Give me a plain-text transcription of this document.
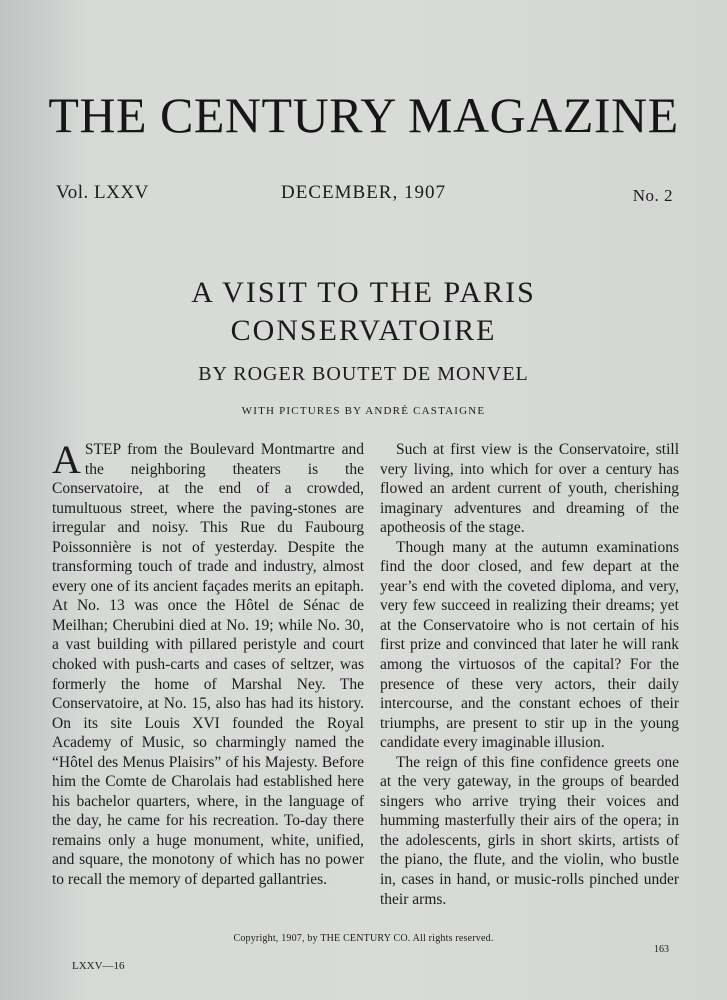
THE CENTURY MAGAZINE
Vol. LXXV	DECEMBER, 1907	No. 2
A VISIT TO THE PARIS
CONSERVATOIRE
BY ROGER BOUTET DE MONVEL
WITH PICTURES BY ANDRÉ CASTAIGNE

ASTEP from the Boulevard Montmartre and the neighboring theaters is the Conservatoire, at the end of a crowded, tumultuous street, where the paving-stones are irregular and noisy. This Rue du Faubourg Poissonnière is not of yesterday. Despite the transforming touch of trade and industry, almost every one of its ancient façades merits an epitaph. At No. 13 was once the Hôtel de Sénac de Meilhan; Cherubini died at No. 19; while No. 30, a vast building with pillared peristyle and court choked with push-carts and cases of seltzer, was formerly the home of Marshal Ney. The Conservatoire, at No. 15, also has had its history. On its site Louis XVI founded the Royal Academy of Music, so charmingly named the “Hôtel des Menus Plaisirs” of his Majesty. Before him the Comte de Charolais had established here his bachelor quarters, where, in the language of the day, he came for his recreation. To-day there remains only a huge monument, white, unified, and square, the monotony of which has no power to recall the memory of departed gallantries.

Such at first view is the Conservatoire, still very living, into which for over a century has flowed an ardent current of youth, cherishing imaginary adventures and dreaming of the apotheosis of the stage.

Though many at the autumn examinations find the door closed, and few depart at the year’s end with the coveted diploma, and very, very few succeed in realizing their dreams; yet at the Conservatoire who is not certain of his first prize and convinced that later he will rank among the virtuosos of the capital? For the presence of these very actors, their daily intercourse, and the constant echoes of their triumphs, are present to stir up in the young candidate every imaginable illusion.

The reign of this fine confidence greets one at the very gateway, in the groups of bearded singers who arrive trying their voices and humming masterfully their airs of the opera; in the adolescents, girls in short skirts, artists of the piano, the flute, and the violin, who bustle in, cases in hand, or music-rolls pinched under their arms.

Copyright, 1907, by THE CENTURY CO. All rights reserved.
163
LXXV—16
